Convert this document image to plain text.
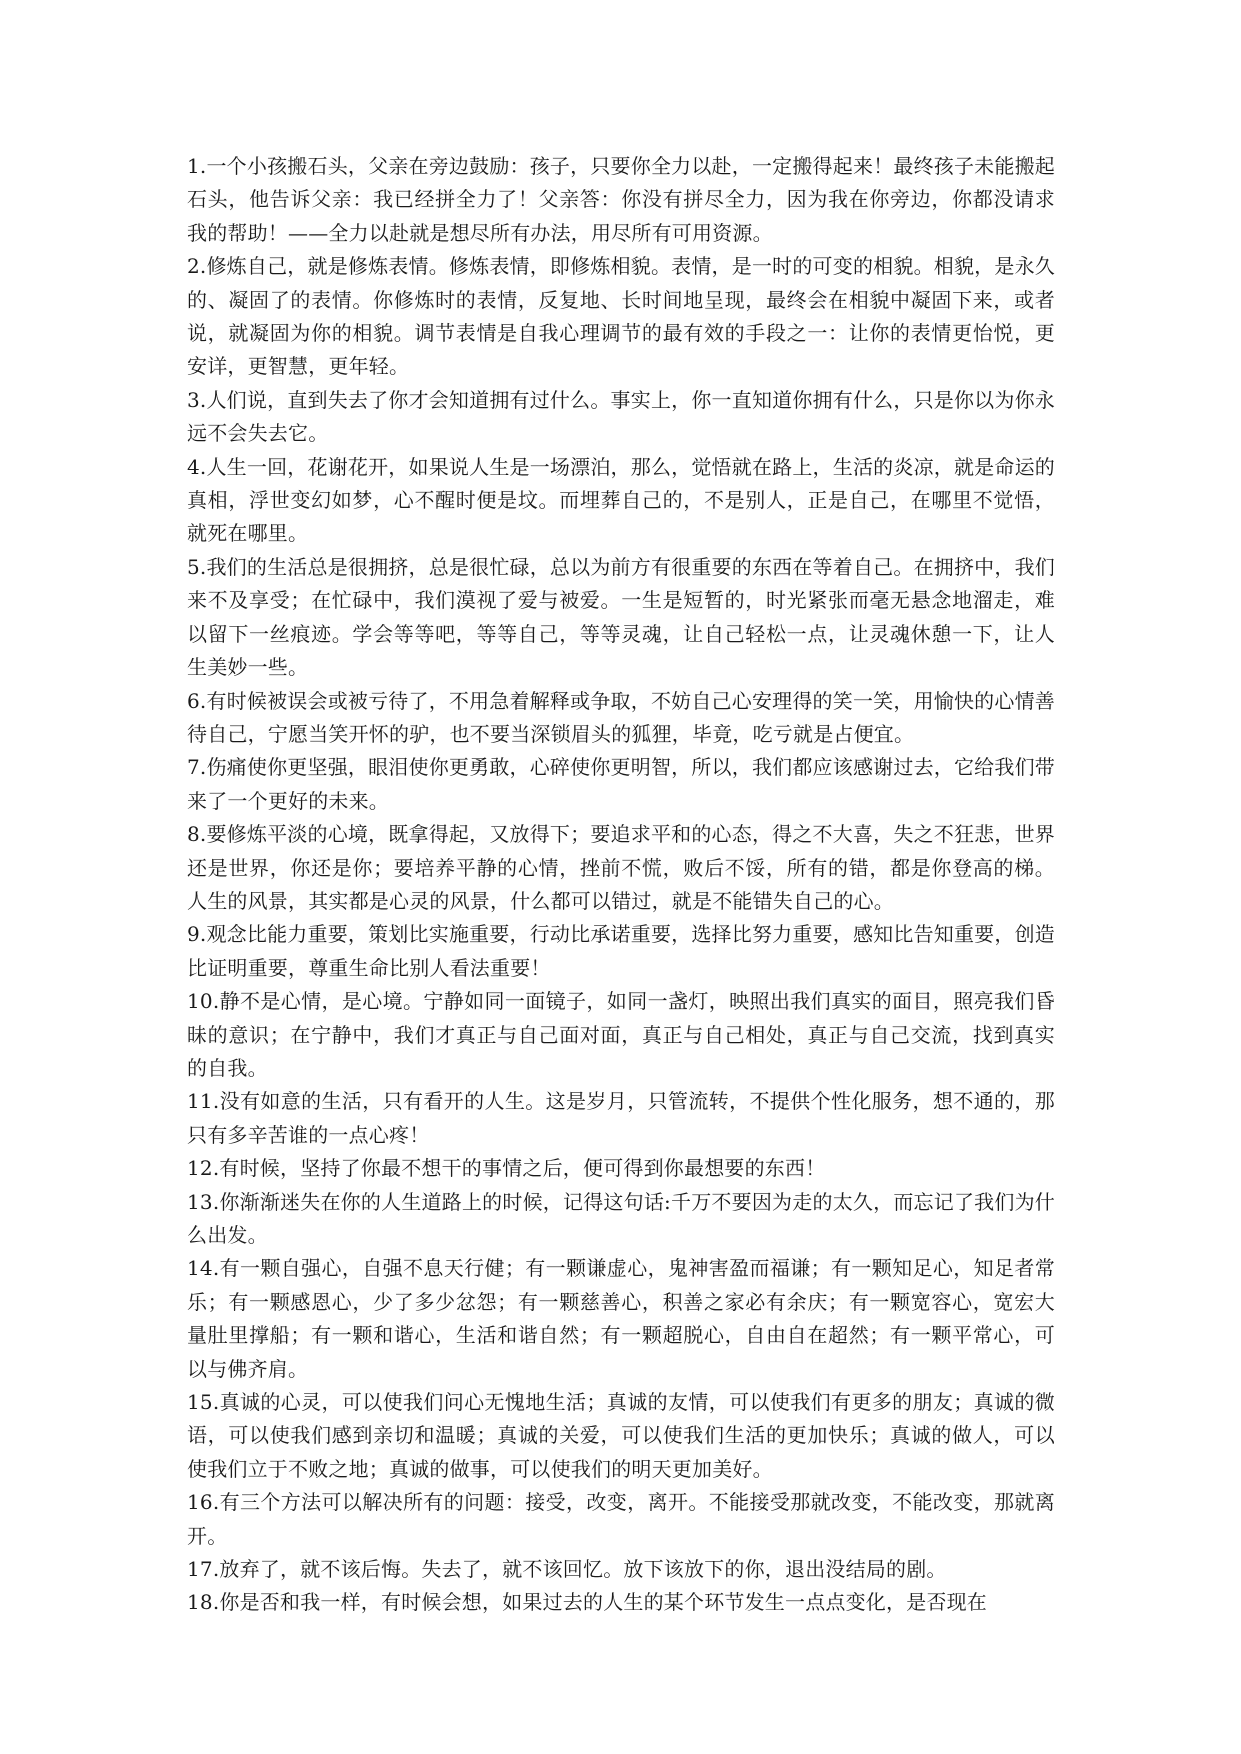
1.一个小孩搬石头，父亲在旁边鼓励：孩子，只要你全力以赴，一定搬得起来！最终孩子未能搬起石头，他告诉父亲：我已经拼全力了！父亲答：你没有拼尽全力，因为我在你旁边，你都没请求我的帮助！——全力以赴就是想尽所有办法，用尽所有可用资源。

2.修炼自己，就是修炼表情。修炼表情，即修炼相貌。表情，是一时的可变的相貌。相貌，是永久的、凝固了的表情。你修炼时的表情，反复地、长时间地呈现，最终会在相貌中凝固下来，或者说，就凝固为你的相貌。调节表情是自我心理调节的最有效的手段之一：让你的表情更怡悦，更安详，更智慧，更年轻。

3.人们说，直到失去了你才会知道拥有过什么。事实上，你一直知道你拥有什么，只是你以为你永远不会失去它。

4.人生一回，花谢花开，如果说人生是一场漂泊，那么，觉悟就在路上，生活的炎凉，就是命运的真相，浮世变幻如梦，心不醒时便是坟。而埋葬自己的，不是别人，正是自己，在哪里不觉悟，就死在哪里。

5.我们的生活总是很拥挤，总是很忙碌，总以为前方有很重要的东西在等着自己。在拥挤中，我们来不及享受；在忙碌中，我们漠视了爱与被爱。一生是短暂的，时光紧张而毫无悬念地溜走，难以留下一丝痕迹。学会等等吧，等等自己，等等灵魂，让自己轻松一点，让灵魂休憩一下，让人生美妙一些。

6.有时候被误会或被亏待了，不用急着解释或争取，不妨自己心安理得的笑一笑，用愉快的心情善待自己，宁愿当笑开怀的驴，也不要当深锁眉头的狐狸，毕竟，吃亏就是占便宜。

7.伤痛使你更坚强，眼泪使你更勇敢，心碎使你更明智，所以，我们都应该感谢过去，它给我们带来了一个更好的未来。

8.要修炼平淡的心境，既拿得起，又放得下；要追求平和的心态，得之不大喜，失之不狂悲，世界还是世界，你还是你；要培养平静的心情，挫前不慌，败后不馁，所有的错，都是你登高的梯。人生的风景，其实都是心灵的风景，什么都可以错过，就是不能错失自己的心。

9.观念比能力重要，策划比实施重要，行动比承诺重要，选择比努力重要，感知比告知重要，创造比证明重要，尊重生命比别人看法重要！

10.静不是心情，是心境。宁静如同一面镜子，如同一盏灯，映照出我们真实的面目，照亮我们昏昧的意识；在宁静中，我们才真正与自己面对面，真正与自己相处，真正与自己交流，找到真实的自我。

11.没有如意的生活，只有看开的人生。这是岁月，只管流转，不提供个性化服务，想不通的，那只有多辛苦谁的一点心疼！

12.有时候，坚持了你最不想干的事情之后，便可得到你最想要的东西！

13.你渐渐迷失在你的人生道路上的时候，记得这句话:千万不要因为走的太久，而忘记了我们为什么出发。

14.有一颗自强心，自强不息天行健；有一颗谦虚心，鬼神害盈而福谦；有一颗知足心，知足者常乐；有一颗感恩心，少了多少忿怨；有一颗慈善心，积善之家必有余庆；有一颗宽容心，宽宏大量肚里撑船；有一颗和谐心，生活和谐自然；有一颗超脱心，自由自在超然；有一颗平常心，可以与佛齐肩。

15.真诚的心灵，可以使我们问心无愧地生活；真诚的友情，可以使我们有更多的朋友；真诚的微语，可以使我们感到亲切和温暖；真诚的关爱，可以使我们生活的更加快乐；真诚的做人，可以使我们立于不败之地；真诚的做事，可以使我们的明天更加美好。

16.有三个方法可以解决所有的问题：接受，改变，离开。不能接受那就改变，不能改变，那就离开。

17.放弃了，就不该后悔。失去了，就不该回忆。放下该放下的你，退出没结局的剧。

18.你是否和我一样，有时候会想，如果过去的人生的某个环节发生一点点变化，是否现在
